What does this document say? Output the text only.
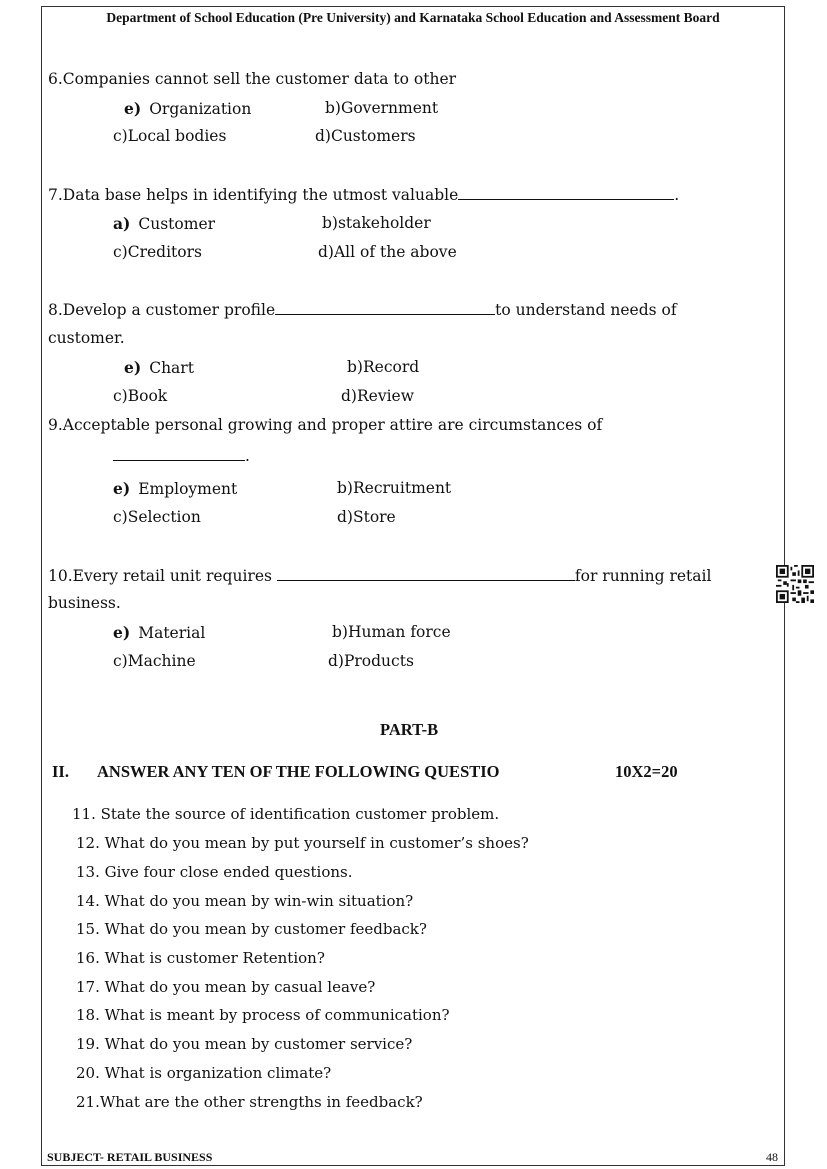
Department of School Education (Pre University) and Karnataka School Education and Assessment Board
6.Companies cannot sell the customer data to other
e) Organization	b)Government
c)Local bodies	d)Customers
7.Data base helps in identifying the utmost valuable	.
a) Customer	b)stakeholder
c)Creditors	d)All of the above
8.Develop a customer profile	to understand needs of
customer.
e) Chart	b)Record
c)Book	d)Review
9.Acceptable personal growing and proper attire are circumstances of
.
e) Employment	b)Recruitment
c)Selection	d)Store
10.Every retail unit requires	for running retail
business.
e) Material	b)Human force
c)Machine	d)Products
PART-B
II. ANSWER ANY TEN OF THE FOLLOWING QUESTIO	10X2=20
11. State the source of identification customer problem.
12. What do you mean by put yourself in customer’s shoes?
13. Give four close ended questions.
14. What do you mean by win-win situation?
15. What do you mean by customer feedback?
16. What is customer Retention?
17. What do you mean by casual leave?
18. What is meant by process of communication?
19. What do you mean by customer service?
20. What is organization climate?
21.What are the other strengths in feedback?
SUBJECT- RETAIL BUSINESS	48
